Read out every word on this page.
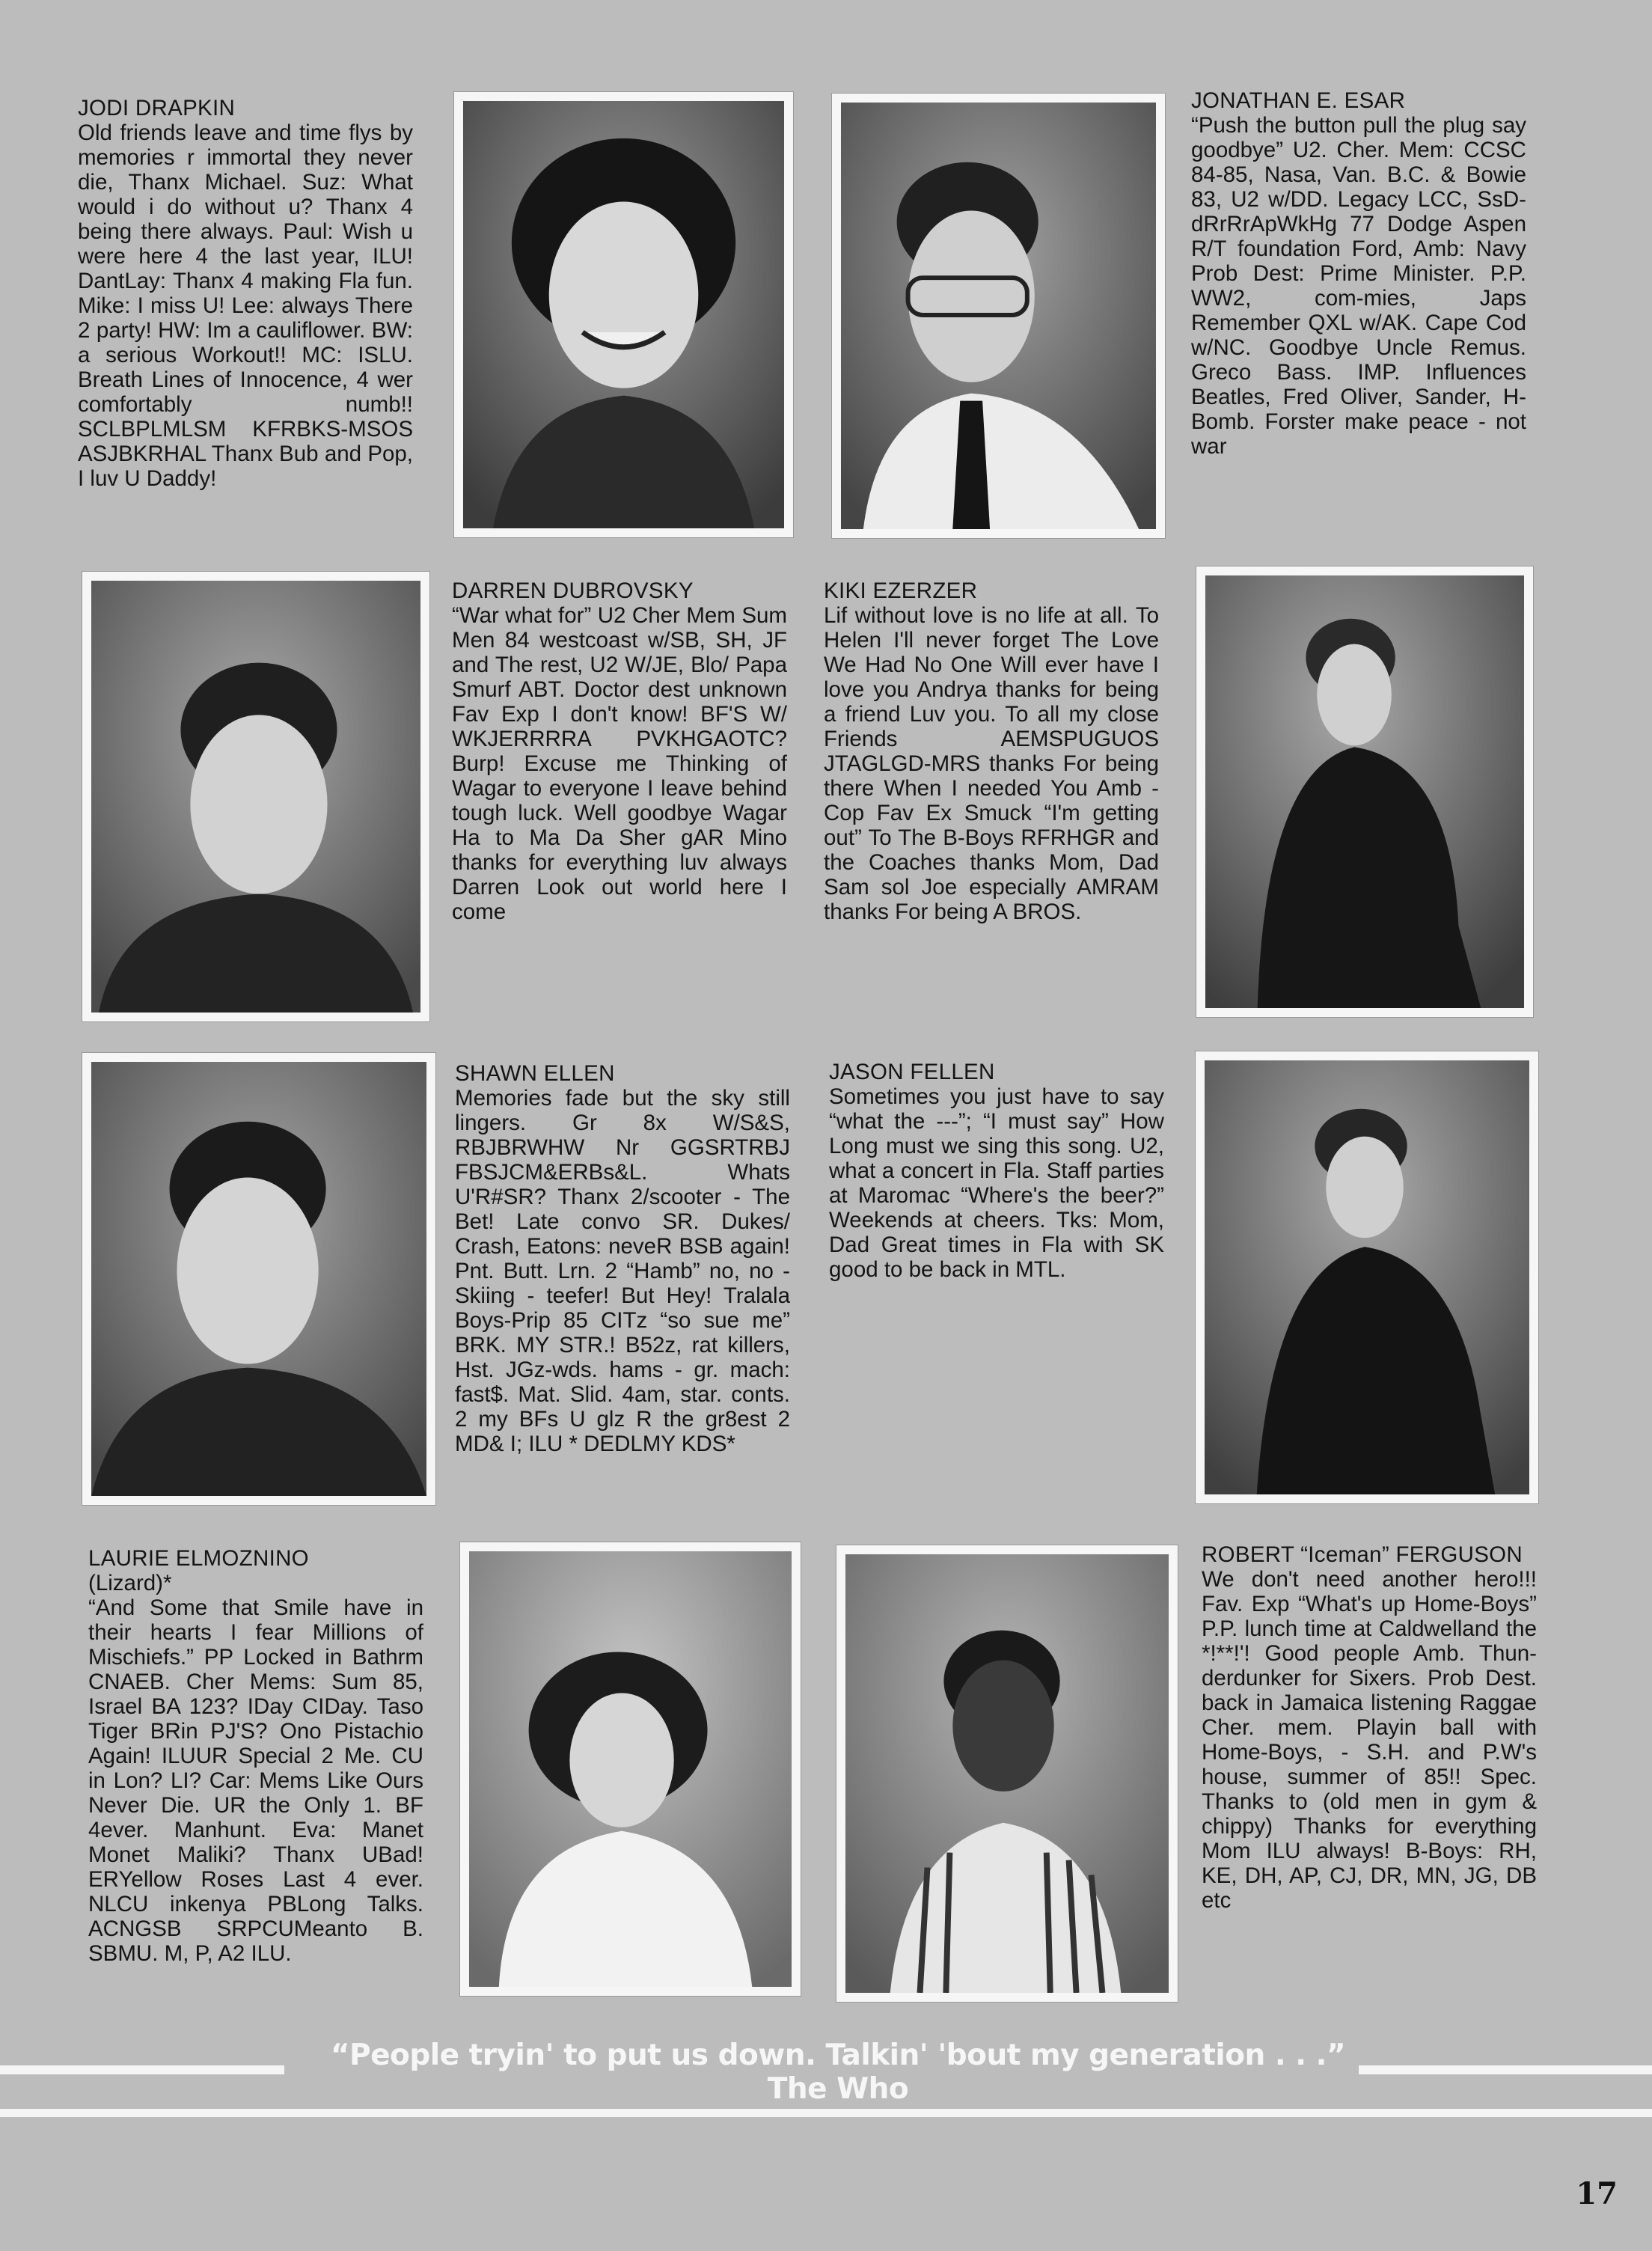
JODI DRAPKIN
Old friends leave and time flys by memories r immortal they never die, Thanx Michael. Suz: What would i do without u? Thanx 4 being there always. Paul: Wish u were here 4 the last year, ILU! DantLay: Thanx 4 making Fla fun. Mike: I miss U! Lee: always There 2 party! HW: Im a cauliflower. BW: a serious Workout!! MC: ISLU. Breath Lines of Innocence, 4 wer comfortably numb!! SCLBPLMLSM KFRBKS-MSOS ASJBKRHAL Thanx Bub and Pop, I luv U Daddy!
JONATHAN E. ESAR
“Push the button pull the plug say goodbye” U2. Cher. Mem: CCSC 84-85, Nasa, Van. B.C. & Bowie 83, U2 w/DD. Legacy LCC, SsD-dRrRrApWkHg 77 Dodge Aspen R/T foundation Ford, Amb: Navy Prob Dest: Prime Minister. P.P. WW2, com-mies, Japs Remember QXL w/AK. Cape Cod w/NC. Goodbye Uncle Remus. Greco Bass. IMP. Influences Beatles, Fred Oliver, Sander, H-Bomb. Forster make peace - not war
DARREN DUBROVSKY
“War what for” U2 Cher Mem Sum Men 84 westcoast w/SB, SH, JF and The rest, U2 W/JE, Blo/ Papa Smurf ABT. Doctor dest unknown Fav Exp I don't know! BF'S W/ WKJERRRRA PVKHGAOTC? Burp! Excuse me Thinking of Wagar to everyone I leave behind tough luck. Well goodbye Wagar Ha to Ma Da Sher gAR Mino thanks for everything luv always Darren Look out world here I come
KIKI EZERZER
Lif without love is no life at all. To Helen I'll never forget The Love We Had No One Will ever have I love you Andrya thanks for being a friend Luv you. To all my close Friends AEMSPUGUOS JTAGLGD-MRS thanks For being there When I needed You Amb - Cop Fav Ex Smuck “I'm getting out” To The B-Boys RFRHGR and the Coaches thanks Mom, Dad Sam sol Joe especially AMRAM thanks For being A BROS.
SHAWN ELLEN
Memories fade but the sky still lingers. Gr 8x W/S&S, RBJBRWHW Nr GGSRTRBJ FBSJCM&ERBs&L. Whats U'R#SR? Thanx 2/scooter - The Bet! Late convo SR. Dukes/ Crash, Eatons: neveR BSB again! Pnt. Butt. Lrn. 2 “Hamb” no, no - Skiing - teefer! But Hey! Tralala Boys-Prip 85 CITz “so sue me” BRK. MY STR.! B52z, rat killers, Hst. JGz-wds. hams - gr. mach: fast$. Mat. Slid. 4am, star. conts. 2 my BFs U glz R the gr8est 2 MD& I; ILU * DEDLMY KDS*
JASON FELLEN
Sometimes you just have to say “what the ---”; “I must say” How Long must we sing this song. U2, what a concert in Fla. Staff parties at Maromac “Where's the beer?” Weekends at cheers. Tks: Mom, Dad Great times in Fla with SK good to be back in MTL.
LAURIE ELMOZNINO
(Lizard)*
“And Some that Smile have in their hearts I fear Millions of Mischiefs.” PP Locked in Bathrm CNAEB. Cher Mems: Sum 85, Israel BA 123? IDay CIDay. Taso Tiger BRin PJ'S? Ono Pistachio Again! ILUUR Special 2 Me. CU in Lon? LI? Car: Mems Like Ours Never Die. UR the Only 1. BF 4ever. Manhunt. Eva: Manet Monet Maliki? Thanx UBad! ERYellow Roses Last 4 ever. NLCU inkenya PBLong Talks. ACNGSB SRPCUMeanto B. SBMU. M, P, A2 ILU.
ROBERT “Iceman” FERGUSON
We don't need another hero!!! Fav. Exp “What's up Home-Boys” P.P. lunch time at Caldwelland the *!**!'! Good people Amb. Thun-derdunker for Sixers. Prob Dest. back in Jamaica listening Raggae Cher. mem. Playin ball with Home-Boys, - S.H. and P.W's house, summer of 85!! Spec. Thanks to (old men in gym & chippy) Thanks for everything Mom ILU always! B-Boys: RH, KE, DH, AP, CJ, DR, MN, JG, DB etc
“People tryin' to put us down. Talkin' 'bout my generation . . .” The Who
17
